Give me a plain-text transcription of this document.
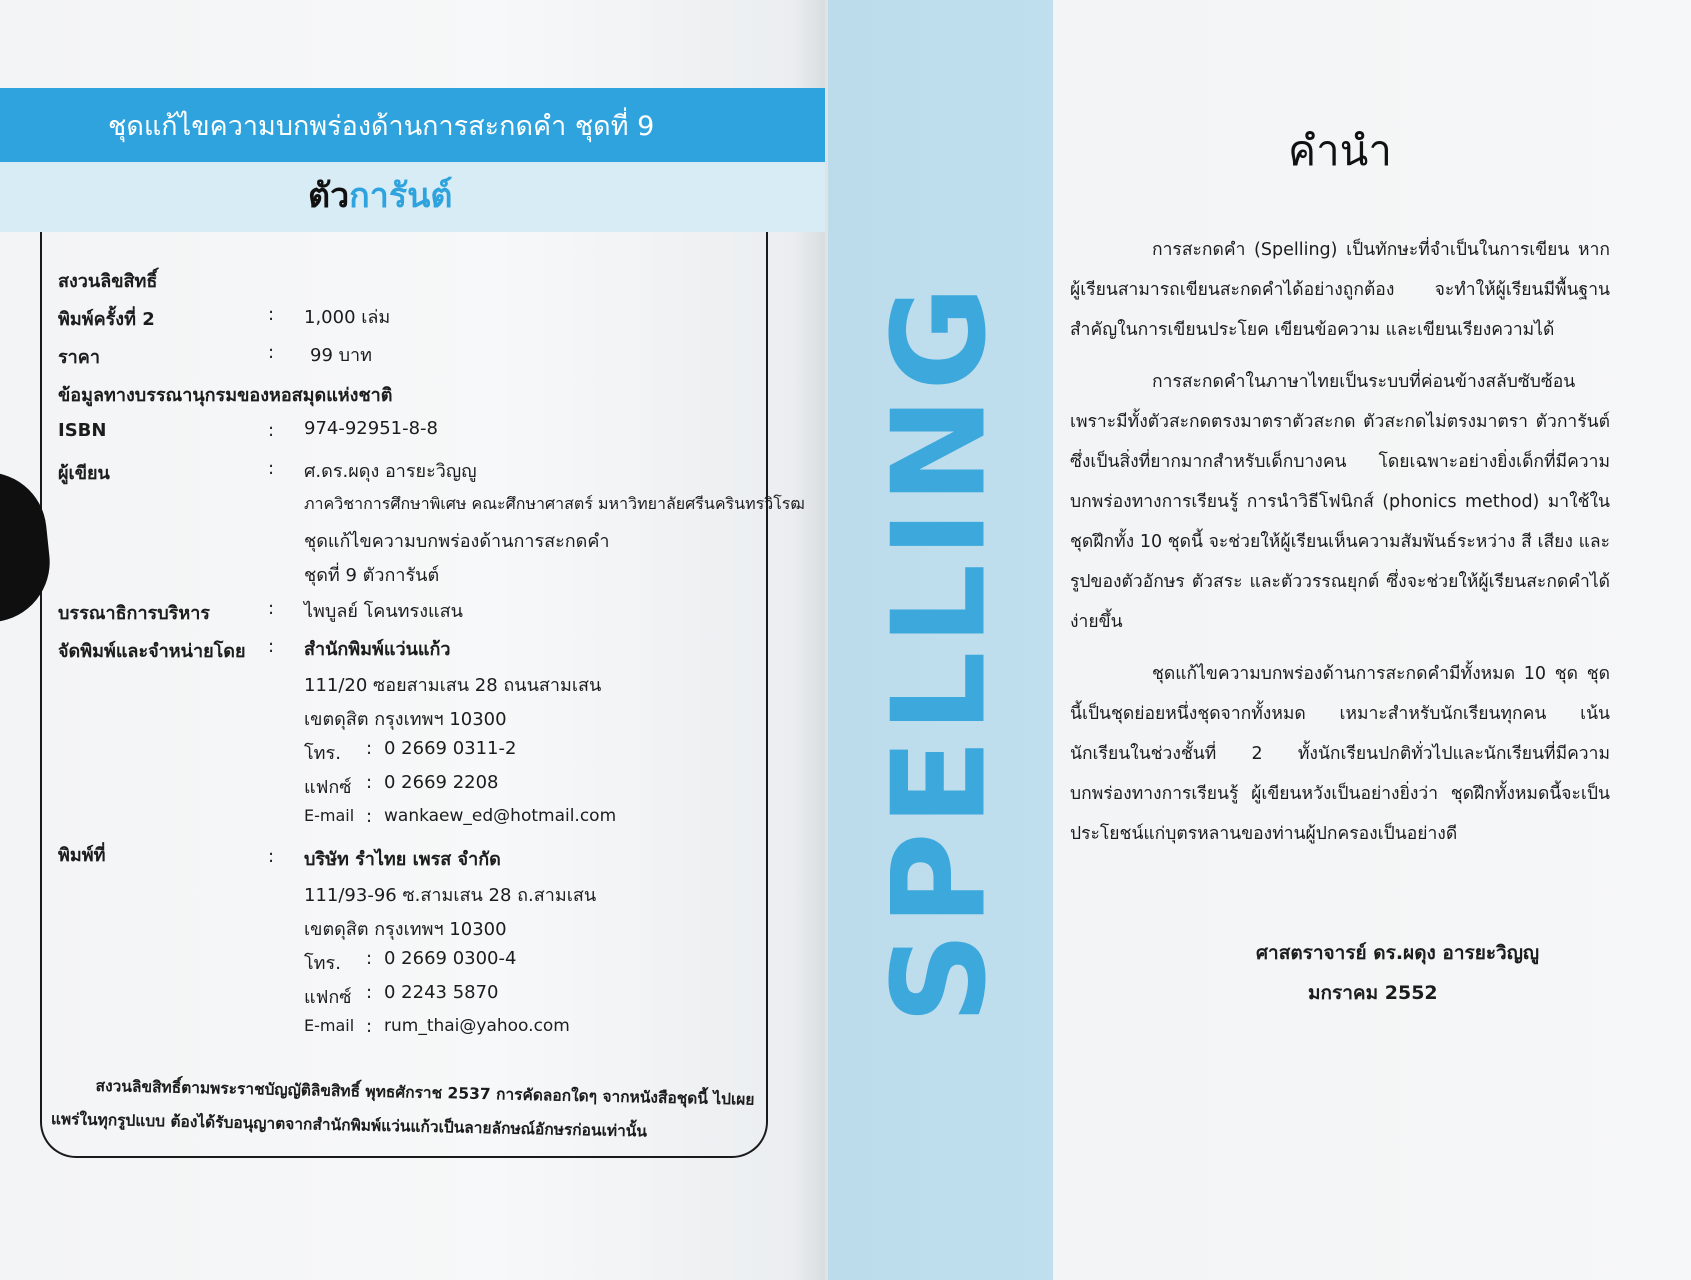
ชุดแก้ไขความบกพร่องด้านการสะกดคำ ชุดที่ 9
ตัวการันต์
สงวนลิขสิทธิ์
พิมพ์ครั้งที่ 2	: 1,000 เล่ม
ราคา	: 99 บาท
ข้อมูลทางบรรณานุกรมของหอสมุดแห่งชาติ
ISBN	: 974-92951-8-8
ผู้เขียน	: ศ.ดร.ผดุง อารยะวิญญู
ภาควิชาการศึกษาพิเศษ คณะศึกษาศาสตร์ มหาวิทยาลัยศรีนครินทรวิโรฒ
ชุดแก้ไขความบกพร่องด้านการสะกดคำ
ชุดที่ 9 ตัวการันต์
บรรณาธิการบริหาร	: ไพบูลย์ โคนทรงแสน
จัดพิมพ์และจำหน่ายโดย : สำนักพิมพ์แว่นแก้ว
111/20 ซอยสามเสน 28 ถนนสามเสน
เขตดุสิต กรุงเทพฯ 10300
โทร. : 0 2669 0311-2
แฟกซ์ : 0 2669 2208
E-mail : wankaew_ed@hotmail.com
พิมพ์ที่	: บริษัท รำไทย เพรส จำกัด
111/93-96 ซ.สามเสน 28 ถ.สามเสน
เขตดุสิต กรุงเทพฯ 10300
โทร. : 0 2669 0300-4
แฟกซ์ : 0 2243 5870
E-mail : rum_thai@yahoo.com
สงวนลิขสิทธิ์ตามพระราชบัญญัติลิขสิทธิ์ พุทธศักราช 2537 การคัดลอกใดๆ จากหนังสือชุดนี้ ไปเผยแพร่ในทุกรูปแบบ ต้องได้รับอนุญาตจากสำนักพิมพ์แว่นแก้วเป็นลายลักษณ์อักษรก่อนเท่านั้น
SPELLING
คำนำ

การสะกดคำ (Spelling) เป็นทักษะที่จำเป็นในการเขียน หากผู้เรียนสามารถเขียนสะกดคำได้อย่างถูกต้อง จะทำให้ผู้เรียนมีพื้นฐานสำคัญในการเขียนประโยค เขียนข้อความ และเขียนเรียงความได้

การสะกดคำในภาษาไทยเป็นระบบที่ค่อนข้างสลับซับซ้อน เพราะมีทั้งตัวสะกดตรงมาตราตัวสะกด ตัวสะกดไม่ตรงมาตรา ตัวการันต์ ซึ่งเป็นสิ่งที่ยากมากสำหรับเด็กบางคน โดยเฉพาะอย่างยิ่งเด็กที่มีความบกพร่องทางการเรียนรู้ การนำวิธีโฟนิกส์ (phonics method) มาใช้ในชุดฝึกทั้ง 10 ชุดนี้ จะช่วยให้ผู้เรียนเห็นความสัมพันธ์ระหว่าง สี เสียง และรูปของตัวอักษร ตัวสระ และตัววรรณยุกต์ ซึ่งจะช่วยให้ผู้เรียนสะกดคำได้ง่ายขึ้น

ชุดแก้ไขความบกพร่องด้านการสะกดคำมีทั้งหมด 10 ชุด ชุดนี้เป็นชุดย่อยหนึ่งชุดจากทั้งหมด เหมาะสำหรับนักเรียนทุกคน เน้นนักเรียนในช่วงชั้นที่ 2 ทั้งนักเรียนปกติทั่วไปและนักเรียนที่มีความบกพร่องทางการเรียนรู้ ผู้เขียนหวังเป็นอย่างยิ่งว่า ชุดฝึกทั้งหมดนี้จะเป็นประโยชน์แก่บุตรหลานของท่านผู้ปกครองเป็นอย่างดี

ศาสตราจารย์ ดร.ผดุง อารยะวิญญู
มกราคม 2552
